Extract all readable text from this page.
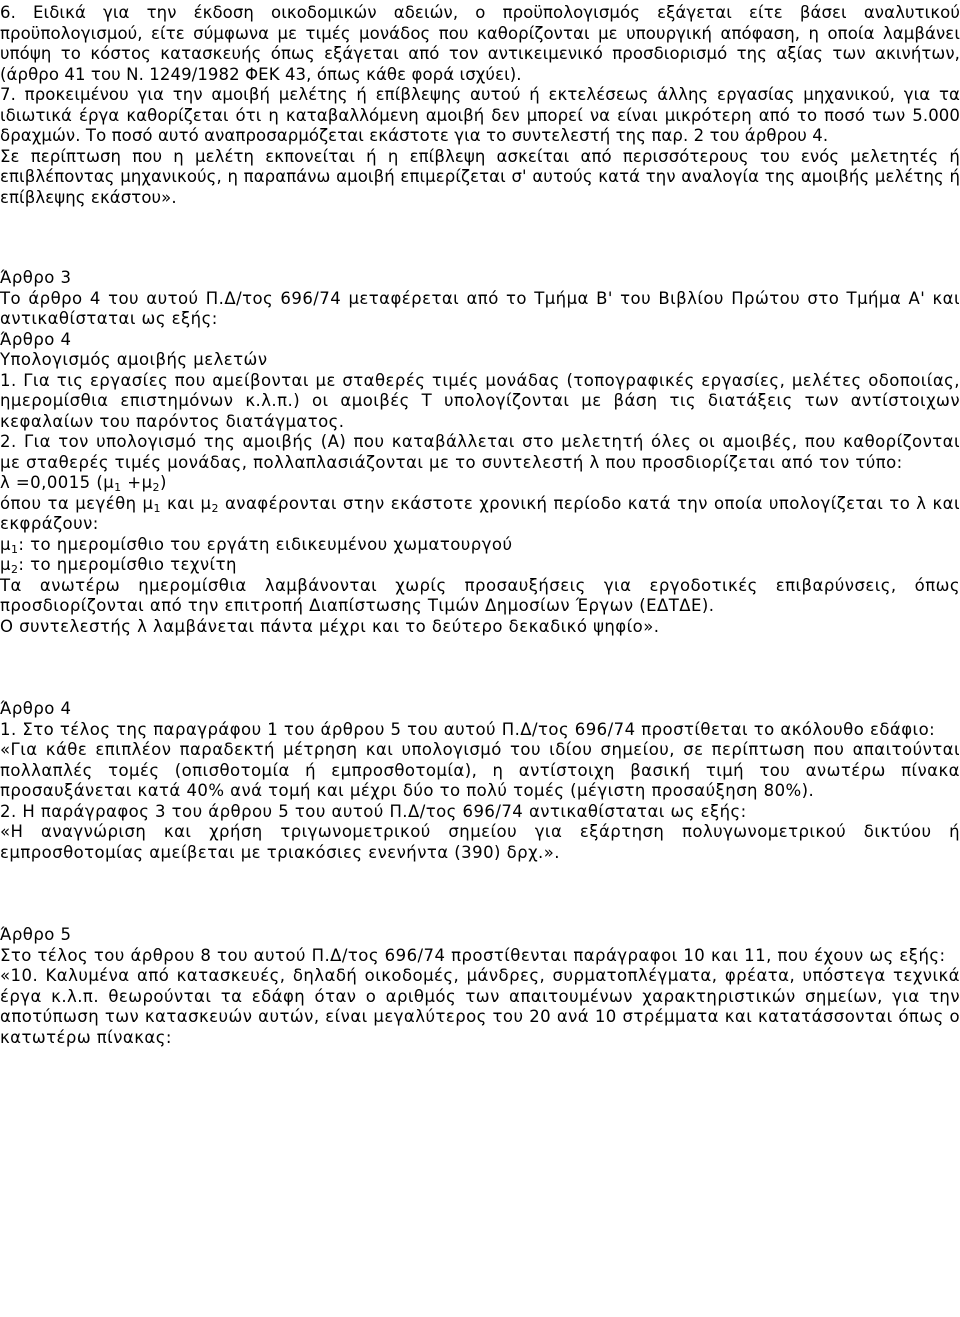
6. Ειδικά για την έκδοση οικοδομικών αδειών, ο προϋπολογισμός εξάγεται είτε βάσει αναλυτικού προϋπολογισμού, είτε σύμφωνα με τιμές μονάδος που καθορίζονται με υπουργική απόφαση, η οποία λαμβάνει υπόψη το κόστος κατασκευής όπως εξάγεται από τον αντικειμενικό προσδιορισμό της αξίας των ακινήτων, (άρθρο 41 του Ν. 1249/1982 ΦΕΚ 43, όπως κάθε φορά ισχύει).

7. προκειμένου για την αμοιβή μελέτης ή επίβλεψης αυτού ή εκτελέσεως άλλης εργασίας μηχανικού, για τα ιδιωτικά έργα καθορίζεται ότι η καταβαλλόμενη αμοιβή δεν μπορεί να είναι μικρότερη από το ποσό των 5.000 δραχμών. Το ποσό αυτό αναπροσαρμόζεται εκάστοτε για το συντελεστή της παρ. 2 του άρθρου 4.

Σε περίπτωση που η μελέτη εκπονείται ή η επίβλεψη ασκείται από περισσότερους του ενός μελετητές ή επιβλέποντας μηχανικούς, η παραπάνω αμοιβή επιμερίζεται σ' αυτούς κατά την αναλογία της αμοιβής μελέτης ή επίβλεψης εκάστου».

Άρθρο 3

Το άρθρο 4 του αυτού Π.Δ/τος 696/74 μεταφέρεται από το Τμήμα Β' του Βιβλίου Πρώτου στο Τμήμα Α' και αντικαθίσταται ως εξής:

Άρθρο 4

Υπολογισμός αμοιβής μελετών

1. Για τις εργασίες που αμείβονται με σταθερές τιμές μονάδας (τοπογραφικές εργασίες, μελέτες οδοποιίας, ημερομίσθια επιστημόνων κ.λ.π.) οι αμοιβές Τ υπολογίζονται με βάση τις διατάξεις των αντίστοιχων κεφαλαίων του παρόντος διατάγματος.

2. Για τον υπολογισμό της αμοιβής (Α) που καταβάλλεται στο μελετητή όλες οι αμοιβές, που καθορίζονται με σταθερές τιμές μονάδας, πολλαπλασιάζονται με το συντελεστή λ που προσδιορίζεται από τον τύπο:

λ =0,0015 $(\mu_1 +\mu_2)$

όπου τα μεγέθη $\mu_1$ και $\mu_2$ αναφέρονται στην εκάστοτε χρονική περίοδο κατά την οποία υπολογίζεται το λ και εκφράζουν:

$\mu_1$: το ημερομίσθιο του εργάτη ειδικευμένου χωματουργού

$\mu_2$: το ημερομίσθιο τεχνίτη

Τα ανωτέρω ημερομίσθια λαμβάνονται χωρίς προσαυξήσεις για εργοδοτικές επιβαρύνσεις, όπως προσδιορίζονται από την επιτροπή Διαπίστωσης Τιμών Δημοσίων Έργων (ΕΔΤΔΕ).

Ο συντελεστής λ λαμβάνεται πάντα μέχρι και το δεύτερο δεκαδικό ψηφίο».

Άρθρο 4

1. Στο τέλος της παραγράφου 1 του άρθρου 5 του αυτού Π.Δ/τος 696/74 προστίθεται το ακόλουθο εδάφιο:

«Για κάθε επιπλέον παραδεκτή μέτρηση και υπολογισμό του ιδίου σημείου, σε περίπτωση που απαιτούνται πολλαπλές τομές (οπισθοτομία ή εμπροσθοτομία), η αντίστοιχη βασική τιμή του ανωτέρω πίνακα προσαυξάνεται κατά 40% ανά τομή και μέχρι δύο το πολύ τομές (μέγιστη προσαύξηση 80%).

2. Η παράγραφος 3 του άρθρου 5 του αυτού Π.Δ/τος 696/74 αντικαθίσταται ως εξής:

«Η αναγνώριση και χρήση τριγωνομετρικού σημείου για εξάρτηση πολυγωνομετρικού δικτύου ή εμπροσθοτομίας αμείβεται με τριακόσιες ενενήντα (390) δρχ.».

Άρθρο 5

Στο τέλος του άρθρου 8 του αυτού Π.Δ/τος 696/74 προστίθενται παράγραφοι 10 και 11, που έχουν ως εξής:

«10. Καλυμένα από κατασκευές, δηλαδή οικοδομές, μάνδρες, συρματοπλέγματα, φρέατα, υπόστεγα τεχνικά έργα κ.λ.π. θεωρούνται τα εδάφη όταν ο αριθμός των απαιτουμένων χαρακτηριστικών σημείων, για την αποτύπωση των κατασκευών αυτών, είναι μεγαλύτερος του 20 ανά 10 στρέμματα και κατατάσσονται όπως ο κατωτέρω πίνακας:
